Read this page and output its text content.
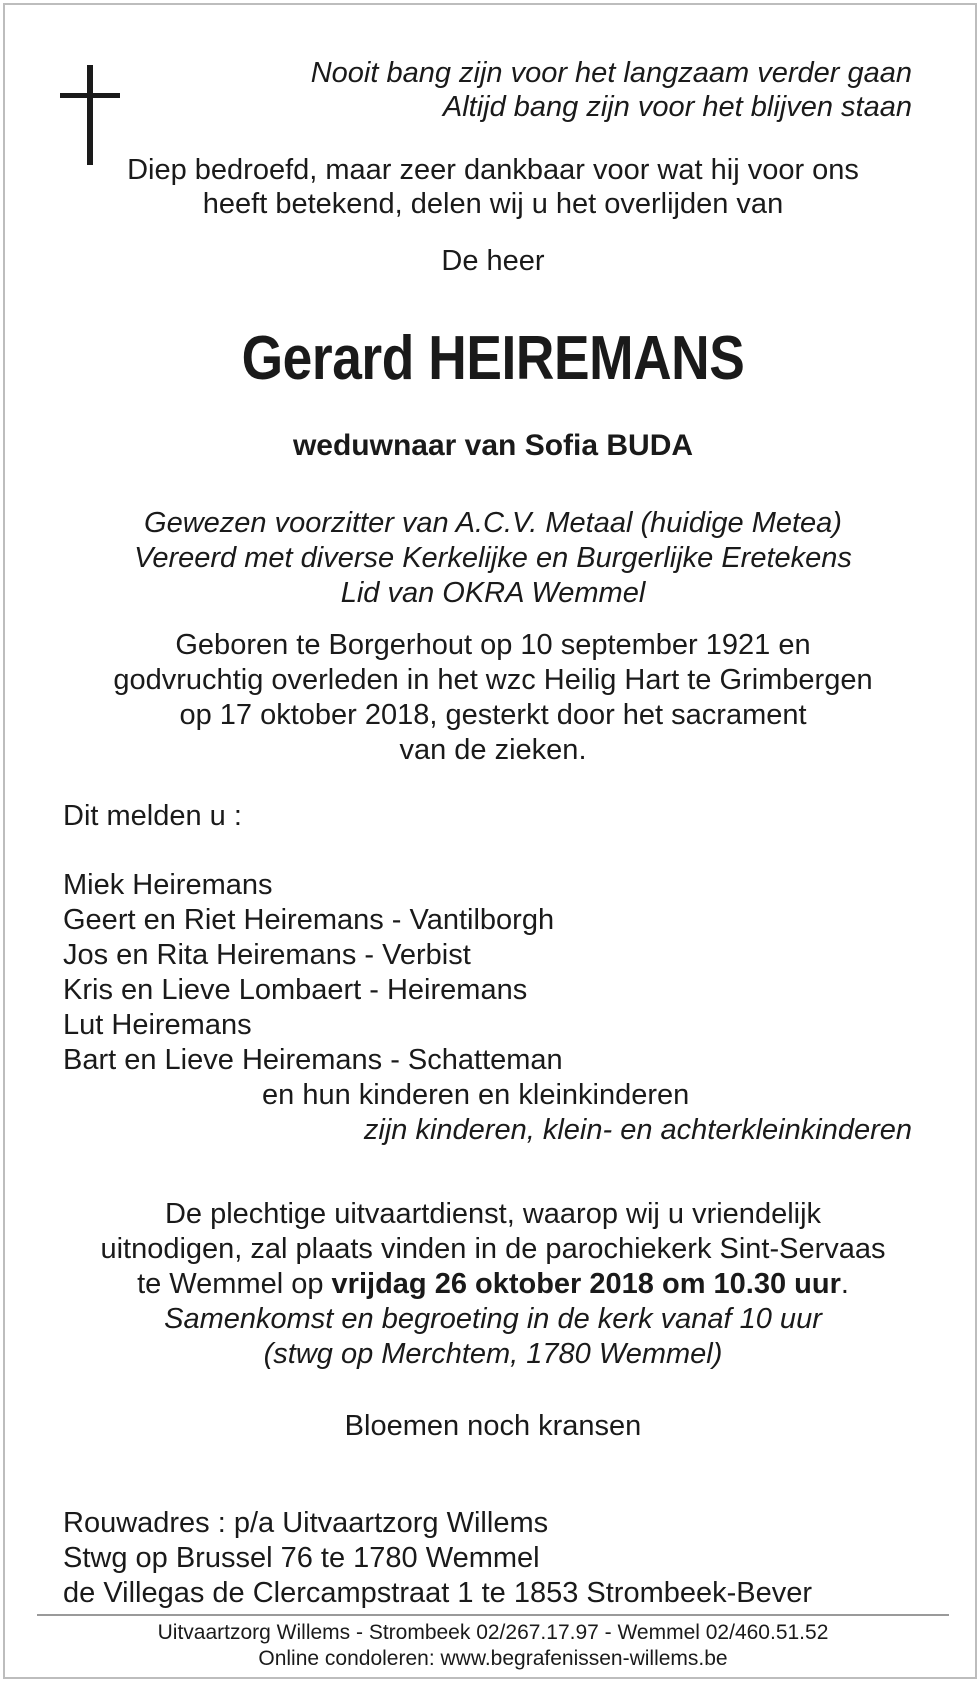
Nooit bang zijn voor het langzaam verder gaan
Altijd bang zijn voor het blijven staan
Diep bedroefd, maar zeer dankbaar voor wat hij voor ons
heeft betekend, delen wij u het overlijden van
De heer
Gerard HEIREMANS
weduwnaar van Sofia BUDA
Gewezen voorzitter van A.C.V. Metaal (huidige Metea)
Vereerd met diverse Kerkelijke en Burgerlijke Eretekens
Lid van OKRA Wemmel
Geboren te Borgerhout op 10 september 1921 en
godvruchtig overleden in het wzc Heilig Hart te Grimbergen
op 17 oktober 2018, gesterkt door het sacrament
van de zieken.
Dit melden u :
Miek Heiremans
Geert en Riet Heiremans - Vantilborgh
Jos en Rita Heiremans - Verbist
Kris en Lieve Lombaert - Heiremans
Lut Heiremans
Bart en Lieve Heiremans - Schatteman
en hun kinderen en kleinkinderen
zijn kinderen, klein- en achterkleinkinderen
De plechtige uitvaartdienst, waarop wij u vriendelijk
uitnodigen, zal plaats vinden in de parochiekerk Sint-Servaas
te Wemmel op vrijdag 26 oktober 2018 om 10.30 uur.
Samenkomst en begroeting in de kerk vanaf 10 uur
(stwg op Merchtem, 1780 Wemmel)
Bloemen noch kransen
Rouwadres : p/a Uitvaartzorg Willems
Stwg op Brussel 76 te 1780 Wemmel
de Villegas de Clercampstraat 1 te 1853 Strombeek-Bever
Uitvaartzorg Willems - Strombeek 02/267.17.97 - Wemmel 02/460.51.52
Online condoleren: www.begrafenissen-willems.be
